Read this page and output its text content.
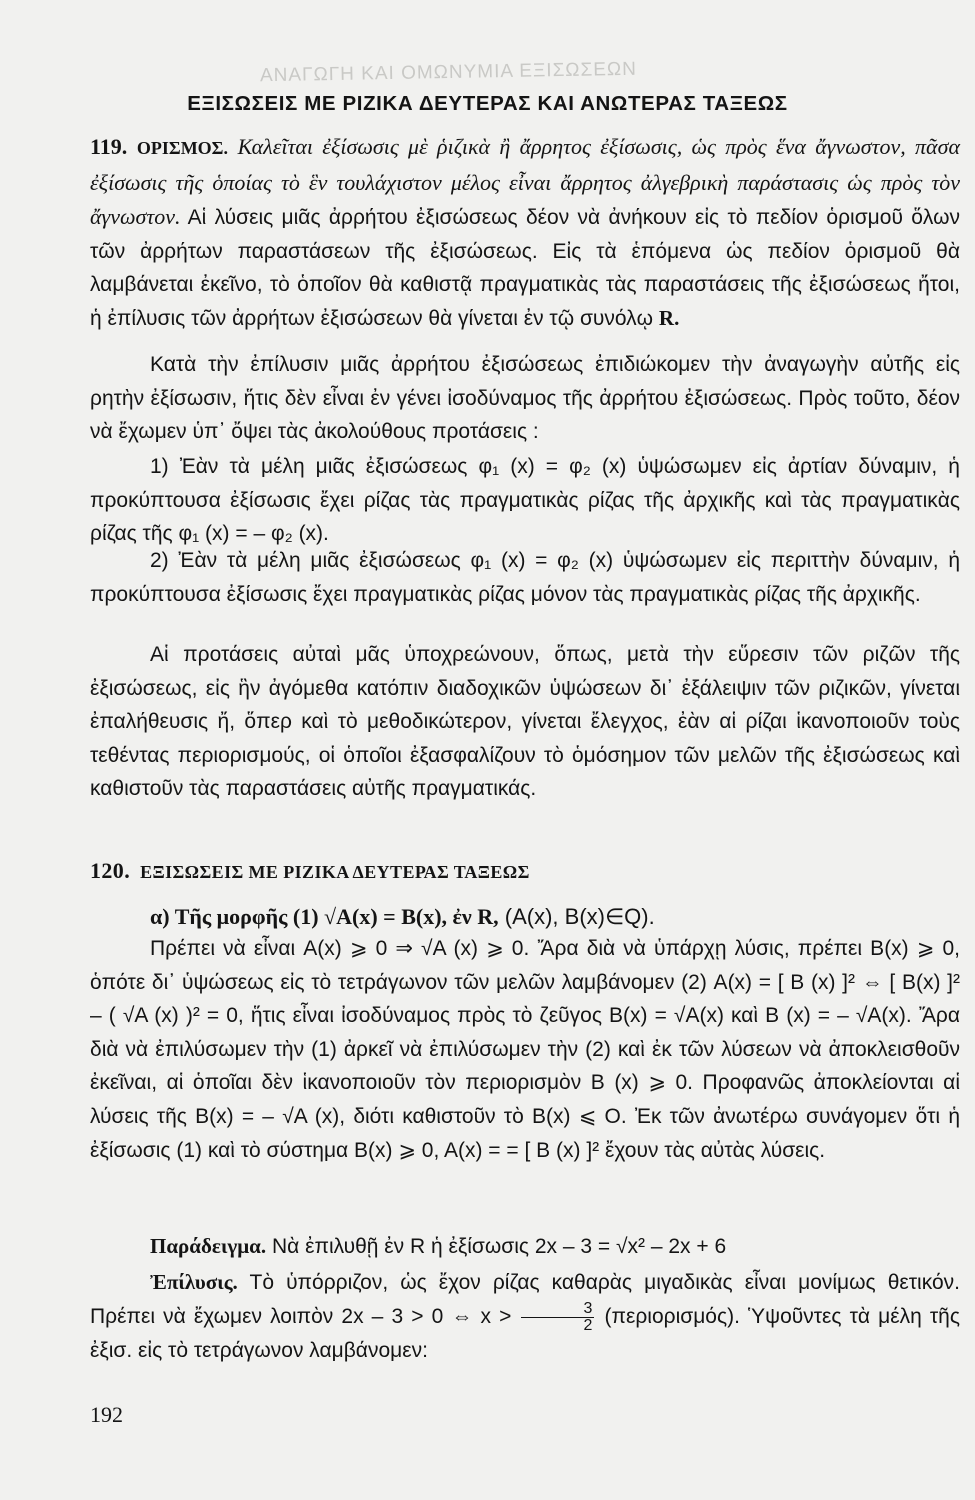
ΑΝΑΓΩΓΗ ΚΑΙ ΟΜΩΝΥΜΙΑ ΕΞΙΣΩΣΕΩΝ
ΕΞΙΣΩΣΕΙΣ ΜΕ ΡΙΖΙΚΑ ΔΕΥΤΕΡΑΣ ΚΑΙ ΑΝΩΤΕΡΑΣ ΤΑΞΕΩΣ

119. ΟΡΙΣΜΟΣ. Καλεῖται ἐξίσωσις μὲ ῥιζικὰ ἢ ἄρρητος ἐξίσωσις, ὡς πρὸς ἕνα ἄγνωστον, πᾶσα ἐξίσωσις τῆς ὁποίας τὸ ἓν τουλάχιστον μέλος εἶναι ἄρρητος ἀλγεβρικὴ παράστασις ὡς πρὸς τὸν ἄγνωστον. Αἱ λύσεις μιᾶς ἀρρήτου ἐξισώσεως δέον νὰ ἀνήκουν εἰς τὸ πεδίον ὁρισμοῦ ὅλων τῶν ἀρρήτων παραστάσεων τῆς ἐξισώσεως. Εἰς τὰ ἑπόμενα ὡς πεδίον ὁρισμοῦ θὰ λαμβάνεται ἐκεῖνο, τὸ ὁποῖον θὰ καθιστᾷ πραγματικὰς τὰς παραστάσεις τῆς ἐξισώσεως ἤτοι, ἡ ἐπίλυσις τῶν ἀρρήτων ἐξισώσεων θὰ γίνεται ἐν τῷ συνόλῳ R.

Κατὰ τὴν ἐπίλυσιν μιᾶς ἀρρήτου ἐξισώσεως ἐπιδιώκομεν τὴν ἀναγωγὴν αὐτῆς εἰς ρητὴν ἐξίσωσιν, ἥτις δὲν εἶναι ἐν γένει ἰσοδύναμος τῆς ἀρρήτου ἐξισώσεως. Πρὸς τοῦτο, δέον νὰ ἔχωμεν ὑπ᾽ ὄψει τὰς ἀκολούθους προτάσεις :

1) Ἐὰν τὰ μέλη μιᾶς ἐξισώσεως φ₁ (x) = φ₂ (x) ὑψώσωμεν εἰς ἀρτίαν δύναμιν, ἡ προκύπτουσα ἐξίσωσις ἔχει ρίζας τὰς πραγματικὰς ρίζας τῆς ἀρχικῆς καὶ τὰς πραγματικὰς ρίζας τῆς φ₁ (x) = – φ₂ (x).

2) Ἐὰν τὰ μέλη μιᾶς ἐξισώσεως φ₁ (x) = φ₂ (x) ὑψώσωμεν εἰς περιττὴν δύναμιν, ἡ προκύπτουσα ἐξίσωσις ἔχει πραγματικὰς ρίζας μόνον τὰς πραγματικὰς ρίζας τῆς ἀρχικῆς.

Αἱ προτάσεις αὐταὶ μᾶς ὑποχρεώνουν, ὅπως, μετὰ τὴν εὕρεσιν τῶν ριζῶν τῆς ἐξισώσεως, εἰς ἣν ἀγόμεθα κατόπιν διαδοχικῶν ὑψώσεων δι᾽ ἐξάλειψιν τῶν ριζικῶν, γίνεται ἐπαλήθευσις ἤ, ὅπερ καὶ τὸ μεθοδικώτερον, γίνεται ἔλεγχος, ἐὰν αἱ ρίζαι ἱκανοποιοῦν τοὺς τεθέντας περιορισμούς, οἱ ὁποῖοι ἐξασφαλίζουν τὸ ὁμόσημον τῶν μελῶν τῆς ἐξισώσεως καὶ καθιστοῦν τὰς παραστάσεις αὐτῆς πραγματικάς.

120. ΕΞΙΣΩΣΕΙΣ ΜΕ ΡΙΖΙΚΑ ΔΕΥΤΕΡΑΣ ΤΑΞΕΩΣ
α) Τῆς μορφῆς (1) √A(x) = B(x), ἐν R, (A(x), B(x)∈Q).

Πρέπει νὰ εἶναι A(x) ⩾ 0 ⇒ √A (x) ⩾ 0. Ἄρα διὰ νὰ ὑπάρχῃ λύσις, πρέπει B(x) ⩾ 0, ὁπότε δι᾽ ὑψώσεως εἰς τὸ τετράγωνον τῶν μελῶν λαμβάνομεν (2) A(x) = [ B (x) ]² ⇔ [ B(x) ]² – ( √A (x) )² = 0, ἥτις εἶναι ἰσοδύναμος πρὸς τὸ ζεῦγος B(x) = √A(x) καὶ B (x) = – √A(x). Ἄρα διὰ νὰ ἐπιλύσωμεν τὴν (1) ἀρκεῖ νὰ ἐπιλύσωμεν τὴν (2) καὶ ἐκ τῶν λύσεων νὰ ἀποκλεισθοῦν ἐκεῖναι, αἱ ὁποῖαι δὲν ἱκανοποιοῦν τὸν περιορισμὸν B (x) ⩾ 0. Προφανῶς ἀποκλείονται αἱ λύσεις τῆς B(x) = – √A (x), διότι καθιστοῦν τὸ B(x) ⩽ O. Ἐκ τῶν ἀνωτέρω συνάγομεν ὅτι ἡ ἐξίσωσις (1) καὶ τὸ σύστημα B(x) ⩾ 0, A(x) = = [ B (x) ]² ἔχουν τὰς αὐτὰς λύσεις.

Παράδειγμα. Νὰ ἐπιλυθῇ ἐν R ἡ ἐξίσωσις 2x – 3 = √x² – 2x + 6

Ἐπίλυσις. Τὸ ὑπόρριζον, ὡς ἔχον ρίζας καθαρὰς μιγαδικὰς εἶναι μονίμως θετικόν. Πρέπει νὰ ἔχωμεν λοιπὸν 2x – 3 > 0 ⇔ $x > \frac{3}{2} (\pi\varepsilon\rho\iota o\rho\iota\sigma\mu ό\varsigma)$. Ὑψοῦντες τὰ μέλη τῆς ἐξισ. εἰς τὸ τετράγωνον λαμβάνομεν:

192
